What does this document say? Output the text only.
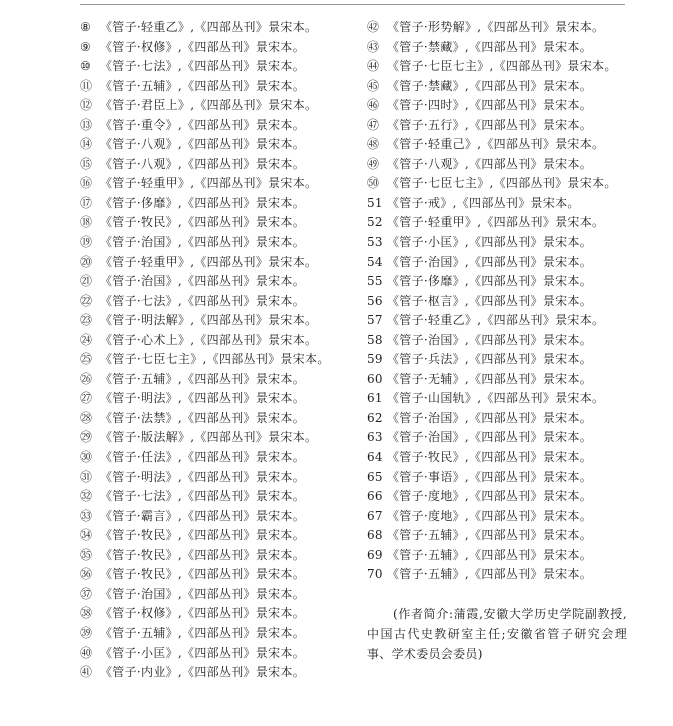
⑧ 《管子·轻重乙》,《四部丛刊》景宋本。
⑨ 《管子·权修》,《四部丛刊》景宋本。
⑩ 《管子·七法》,《四部丛刊》景宋本。
⑪ 《管子·五辅》,《四部丛刊》景宋本。
⑫ 《管子·君臣上》,《四部丛刊》景宋本。
⑬ 《管子·重令》,《四部丛刊》景宋本。
⑭ 《管子·八观》,《四部丛刊》景宋本。
⑮ 《管子·八观》,《四部丛刊》景宋本。
⑯ 《管子·轻重甲》,《四部丛刊》景宋本。
⑰ 《管子·侈靡》,《四部丛刊》景宋本。
⑱ 《管子·牧民》,《四部丛刊》景宋本。
⑲ 《管子·治国》,《四部丛刊》景宋本。
⑳ 《管子·轻重甲》,《四部丛刊》景宋本。
㉑ 《管子·治国》,《四部丛刊》景宋本。
㉒ 《管子·七法》,《四部丛刊》景宋本。
㉓ 《管子·明法解》,《四部丛刊》景宋本。
㉔ 《管子·心术上》,《四部丛刊》景宋本。
㉕ 《管子·七臣七主》,《四部丛刊》景宋本。
㉖ 《管子·五辅》,《四部丛刊》景宋本。
㉗ 《管子·明法》,《四部丛刊》景宋本。
㉘ 《管子·法禁》,《四部丛刊》景宋本。
㉙ 《管子·版法解》,《四部丛刊》景宋本。
㉚ 《管子·任法》,《四部丛刊》景宋本。
㉛ 《管子·明法》,《四部丛刊》景宋本。
㉜ 《管子·七法》,《四部丛刊》景宋本。
㉝ 《管子·霸言》,《四部丛刊》景宋本。
㉞ 《管子·牧民》,《四部丛刊》景宋本。
㉟ 《管子·牧民》,《四部丛刊》景宋本。
㊱ 《管子·牧民》,《四部丛刊》景宋本。
㊲ 《管子·治国》,《四部丛刊》景宋本。
㊳ 《管子·权修》,《四部丛刊》景宋本。
㊴ 《管子·五辅》,《四部丛刊》景宋本。
㊵ 《管子·小匡》,《四部丛刊》景宋本。
㊶ 《管子·内业》,《四部丛刊》景宋本。
㊷ 《管子·形势解》,《四部丛刊》景宋本。
㊸ 《管子·禁藏》,《四部丛刊》景宋本。
㊹ 《管子·七臣七主》,《四部丛刊》景宋本。
㊺ 《管子·禁藏》,《四部丛刊》景宋本。
㊻ 《管子·四时》,《四部丛刊》景宋本。
㊼ 《管子·五行》,《四部丛刊》景宋本。
㊽ 《管子·轻重己》,《四部丛刊》景宋本。
㊾ 《管子·八观》,《四部丛刊》景宋本。
㊿ 《管子·七臣七主》,《四部丛刊》景宋本。
51 《管子·戒》,《四部丛刊》景宋本。
52 《管子·轻重甲》,《四部丛刊》景宋本。
53 《管子·小匡》,《四部丛刊》景宋本。
54 《管子·治国》,《四部丛刊》景宋本。
55 《管子·侈靡》,《四部丛刊》景宋本。
56 《管子·枢言》,《四部丛刊》景宋本。
57 《管子·轻重乙》,《四部丛刊》景宋本。
58 《管子·治国》,《四部丛刊》景宋本。
59 《管子·兵法》,《四部丛刊》景宋本。
60 《管子·无辅》,《四部丛刊》景宋本。
61 《管子·山国轨》,《四部丛刊》景宋本。
62 《管子·治国》,《四部丛刊》景宋本。
63 《管子·治国》,《四部丛刊》景宋本。
64 《管子·牧民》,《四部丛刊》景宋本。
65 《管子·事语》,《四部丛刊》景宋本。
66 《管子·度地》,《四部丛刊》景宋本。
67 《管子·度地》,《四部丛刊》景宋本。
68 《管子·五辅》,《四部丛刊》景宋本。
69 《管子·五辅》,《四部丛刊》景宋本。
70 《管子·五辅》,《四部丛刊》景宋本。
(作者简介:蒲霞,安徽大学历史学院副教授,中国古代史教研室主任;安徽省管子研究会理事、学术委员会委员)
